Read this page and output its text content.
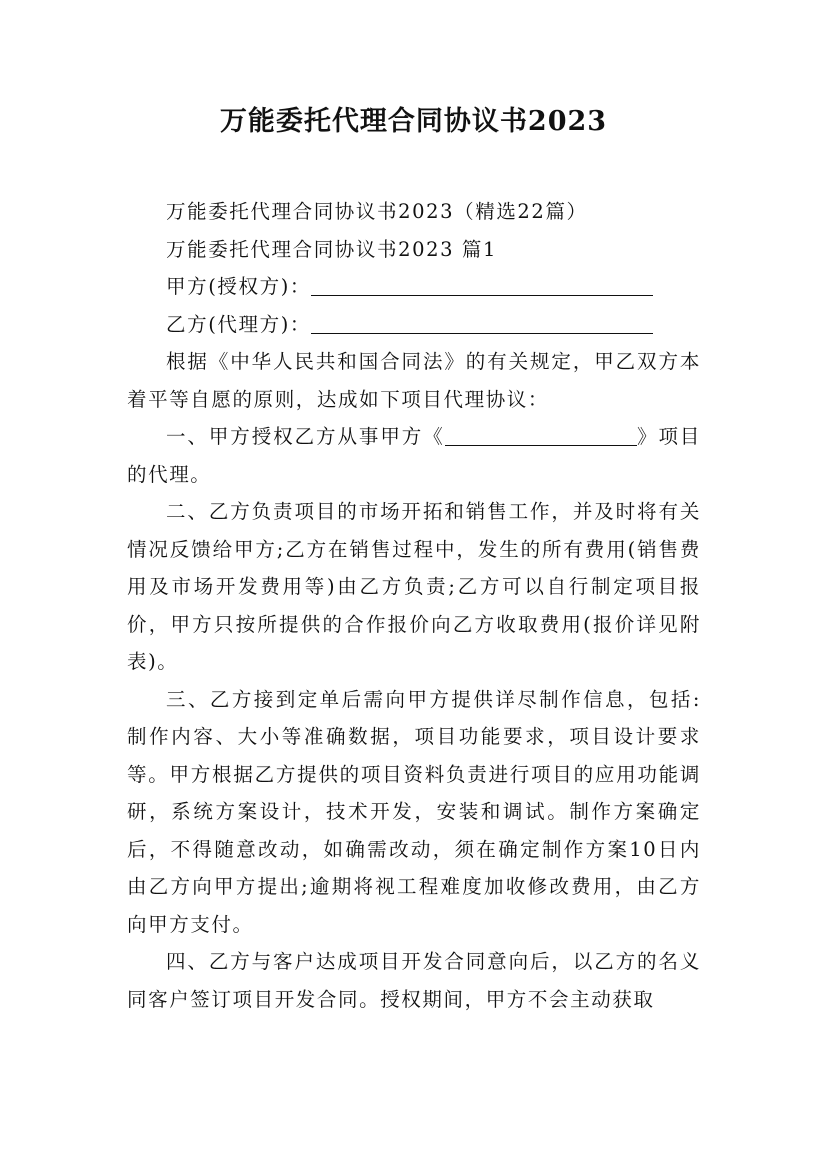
万能委托代理合同协议书2023

万能委托代理合同协议书2023（精选22篇）

万能委托代理合同协议书2023 篇1

甲方(授权方)：

乙方(代理方)：

根据《中华人民共和国合同法》的有关规定，甲乙双方本着平等自愿的原则，达成如下项目代理协议：

一、甲方授权乙方从事甲方《	》项目的代理。

二、乙方负责项目的市场开拓和销售工作，并及时将有关情况反馈给甲方;乙方在销售过程中，发生的所有费用(销售费用及市场开发费用等)由乙方负责;乙方可以自行制定项目报价，甲方只按所提供的合作报价向乙方收取费用(报价详见附表)。

三、乙方接到定单后需向甲方提供详尽制作信息，包括:制作内容、大小等准确数据，项目功能要求，项目设计要求等。甲方根据乙方提供的项目资料负责进行项目的应用功能调研，系统方案设计，技术开发，安装和调试。制作方案确定后，不得随意改动，如确需改动，须在确定制作方案10日内由乙方向甲方提出;逾期将视工程难度加收修改费用，由乙方向甲方支付。

四、乙方与客户达成项目开发合同意向后，以乙方的名义同客户签订项目开发合同。授权期间，甲方不会主动获取
